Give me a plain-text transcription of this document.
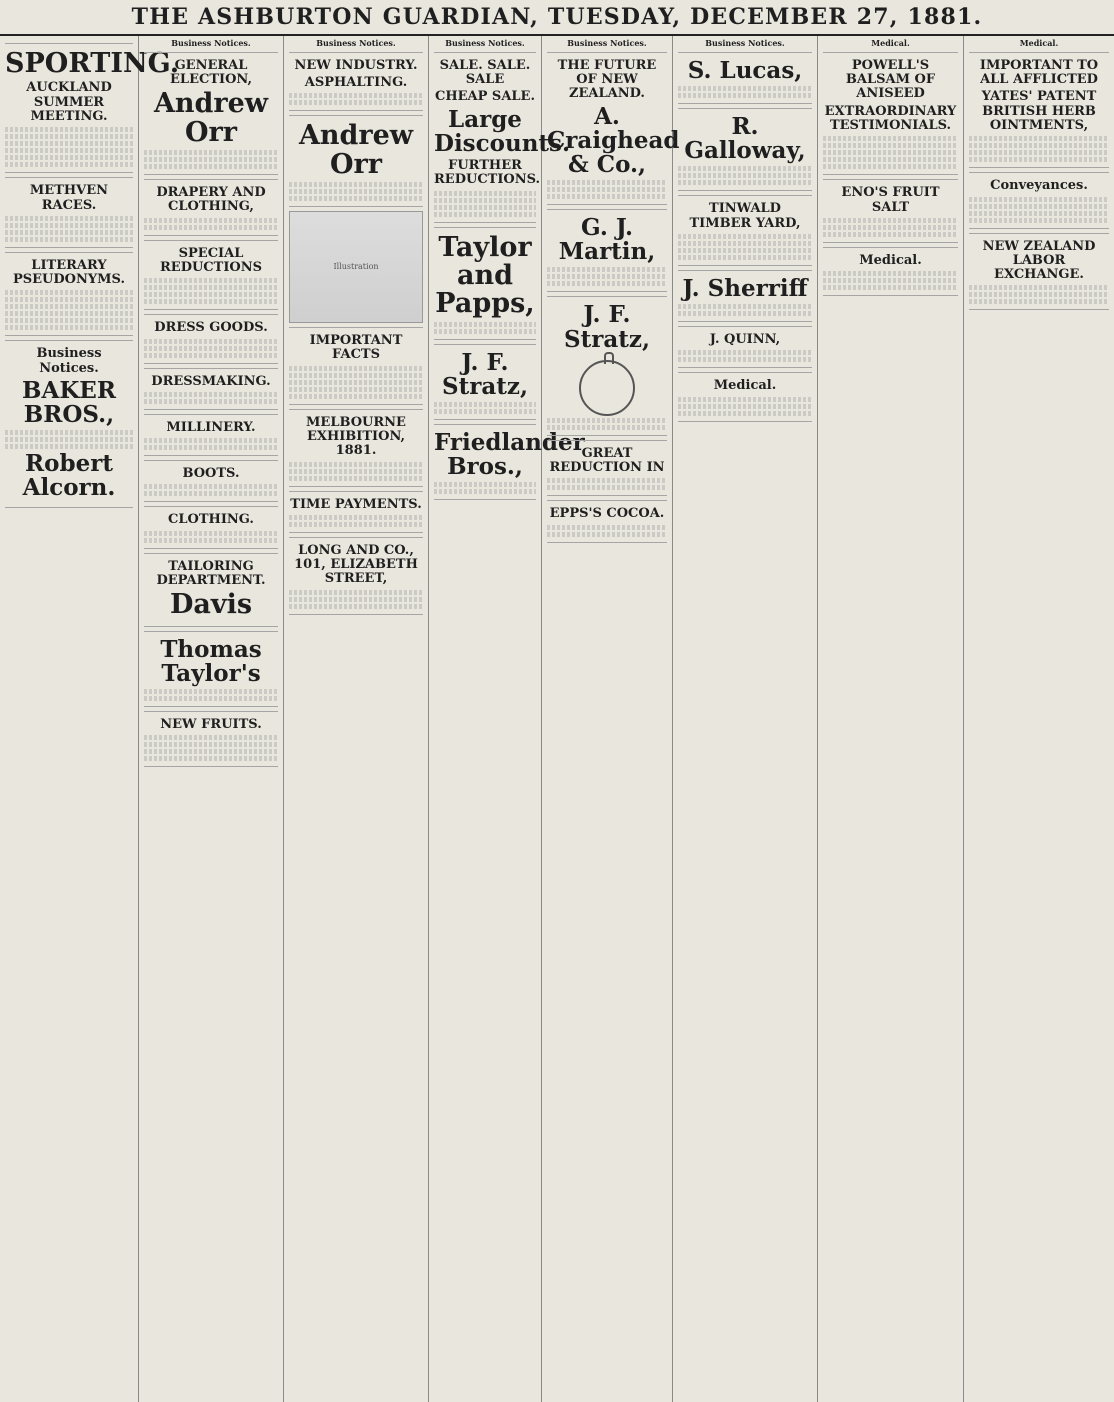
THE ASHBURTON GUARDIAN, TUESDAY, DECEMBER 27, 1881.
SPORTING.
AUCKLAND SUMMER MEETING.
METHVEN RACES.
LITERARY PSEUDONYMS.
Business Notices.
BAKER BROS.,
Robert Alcorn.
Business Notices.
GENERAL ELECTION,
Andrew Orr
DRAPERY AND CLOTHING,
SPECIAL REDUCTIONS
DRESS GOODS.
DRESSMAKING.
MILLINERY.
BOOTS.
CLOTHING.
TAILORING DEPARTMENT.
Davis
Thomas Taylor's
NEW FRUITS.
Business Notices.
NEW INDUSTRY.
ASPHALTING.
Andrew Orr
Illustration
IMPORTANT FACTS
MELBOURNE EXHIBITION, 1881.
TIME PAYMENTS.
LONG AND CO., 101, ELIZABETH STREET,
Business Notices.
SALE. SALE. SALE
CHEAP SALE.
Large Discounts.
FURTHER REDUCTIONS.
Taylor and Papps,
J. F. Stratz,
Friedlander Bros.,
Business Notices.
THE FUTURE OF NEW ZEALAND.
A. Craighead & Co.,
G. J. Martin,
J. F. Stratz,
GREAT REDUCTION IN
EPPS'S COCOA.
Business Notices.
S. Lucas,
R. Galloway,
TINWALD TIMBER YARD,
J. Sherriff
J. QUINN,
Medical.
Medical.
POWELL'S BALSAM OF ANISEED
EXTRAORDINARY TESTIMONIALS.
ENO'S FRUIT SALT
Medical.
Medical.
IMPORTANT TO ALL AFFLICTED
YATES' PATENT BRITISH HERB OINTMENTS,
Conveyances.
NEW ZEALAND LABOR EXCHANGE.
